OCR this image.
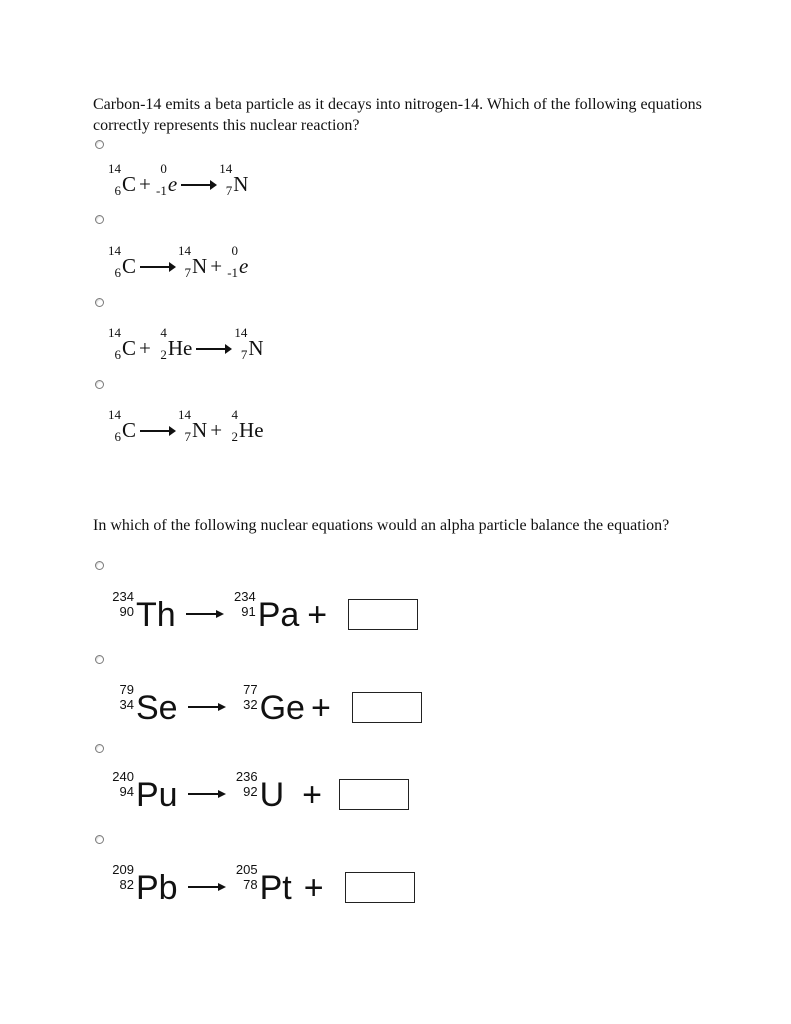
Carbon-14 emits a beta particle as it decays into nitrogen-14. Which of the following equations correctly represents this nuclear reaction?
14
6 C +
0
-1 e →
14
7 N
14
6 C →
14
7 N +
0
-1 e
14
6 C +
4
2 He →
14
7 N
14
6 C →
14
7 N +
4
2 He
In which of the following nuclear equations would an alpha particle balance the equation?
234
90 Th →
234
91 Pa +
79
34 Se →
77
32 Ge +
240
94 Pu →
236
92 U +
209
82 Pb →
205
78 Pt +
